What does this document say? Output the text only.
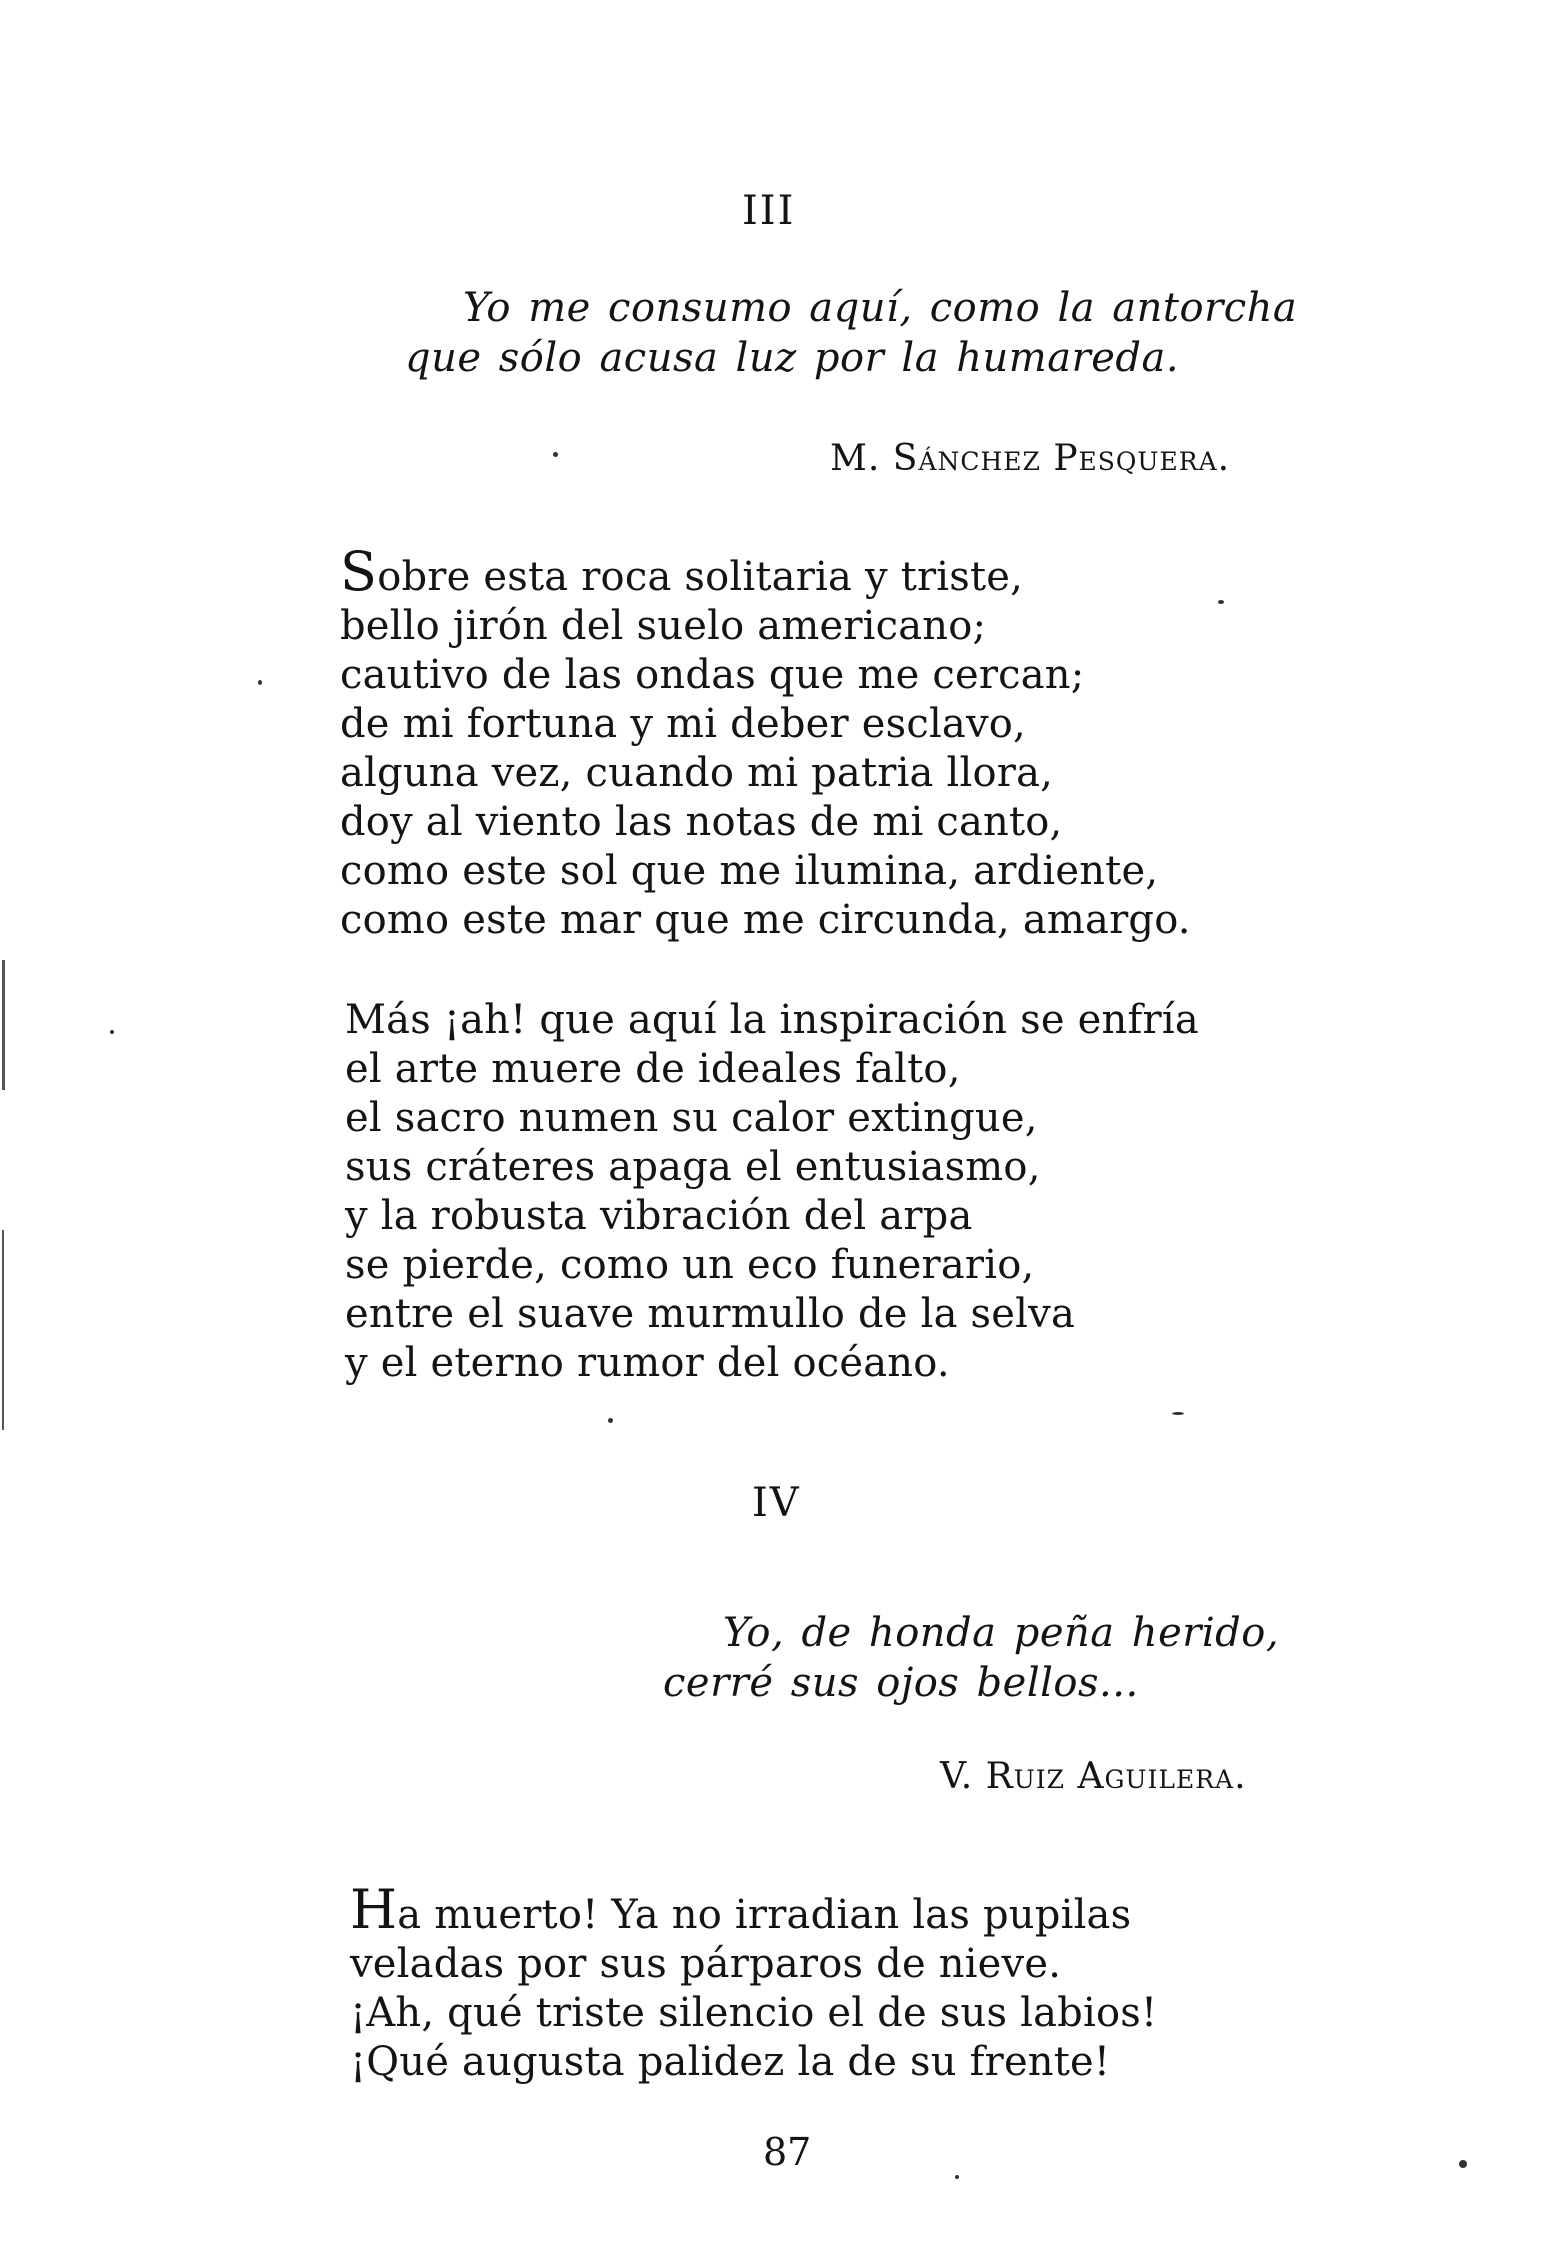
III
Yo me consumo aquí, como la antorcha
que sólo acusa luz por la humareda.
M. Sánchez Pesquera.
Sobre esta roca solitaria y triste,
bello jirón del suelo americano;
cautivo de las ondas que me cercan;
de mi fortuna y mi deber esclavo,
alguna vez, cuando mi patria llora,
doy al viento las notas de mi canto,
como este sol que me ilumina, ardiente,
como este mar que me circunda, amargo.
Más ¡ah! que aquí la inspiración se enfría
el arte muere de ideales falto,
el sacro numen su calor extingue,
sus cráteres apaga el entusiasmo,
y la robusta vibración del arpa
se pierde, como un eco funerario,
entre el suave murmullo de la selva
y el eterno rumor del océano.
IV
Yo, de honda peña herido,
cerré sus ojos bellos...
V. Ruiz Aguilera.
Ha muerto! Ya no irradian las pupilas
veladas por sus párparos de nieve.
¡Ah, qué triste silencio el de sus labios!
¡Qué augusta palidez la de su frente!
87
